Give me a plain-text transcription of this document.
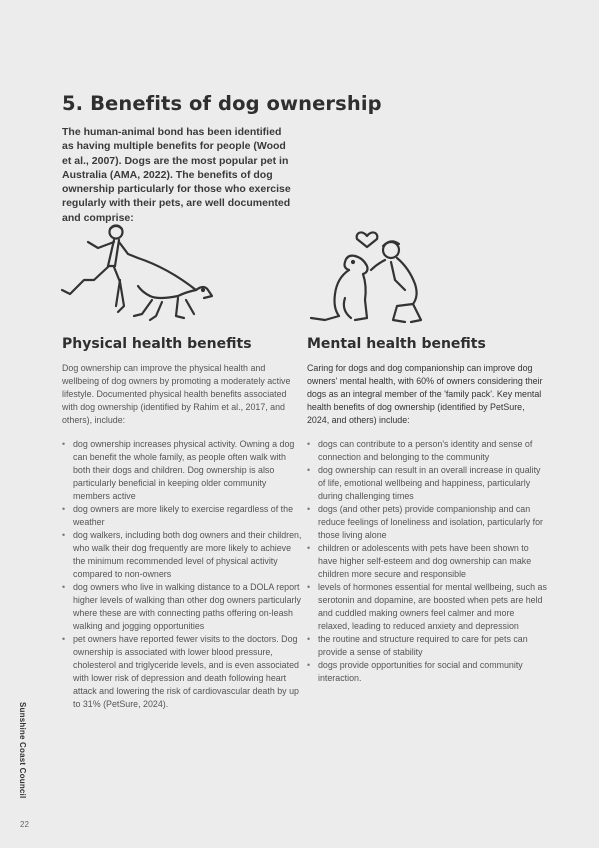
5. Benefits of dog ownership

The human-animal bond has been identified as having multiple benefits for people (Wood et al., 2007). Dogs are the most popular pet in Australia (AMA, 2022). The benefits of dog ownership particularly for those who exercise regularly with their pets, are well documented and comprise:

Physical health benefits

Dog ownership can improve the physical health and wellbeing of dog owners by promoting a moderately active lifestyle. Documented physical health benefits associated with dog ownership (identified by Rahim et al., 2017, and others), include:

• dog ownership increases physical activity. Owning a dog can benefit the whole family, as people often walk with both their dogs and children. Dog ownership is also particularly beneficial in keeping older community members active
• dog owners are more likely to exercise regardless of the weather
• dog walkers, including both dog owners and their children, who walk their dog frequently are more likely to achieve the minimum recommended level of physical activity compared to non-owners
• dog owners who live in walking distance to a DOLA report higher levels of walking than other dog owners particularly where these are with connecting paths offering on-leash walking and jogging opportunities
• pet owners have reported fewer visits to the doctors. Dog ownership is associated with lower blood pressure, cholesterol and triglyceride levels, and is even associated with lower risk of depression and death following heart attack and lowering the risk of cardiovascular death by up to 31% (PetSure, 2024).
Mental health benefits

Caring for dogs and dog companionship can improve dog owners' mental health, with 60% of owners considering their dogs as an integral member of the 'family pack'. Key mental health benefits of dog ownership (identified by PetSure, 2024, and others) include:

• dogs can contribute to a person's identity and sense of connection and belonging to the community
• dog ownership can result in an overall increase in quality of life, emotional wellbeing and happiness, particularly during challenging times
• dogs (and other pets) provide companionship and can reduce feelings of loneliness and isolation, particularly for those living alone
• children or adolescents with pets have been shown to have higher self-esteem and dog ownership can make children more secure and responsible
• levels of hormones essential for mental wellbeing, such as serotonin and dopamine, are boosted when pets are held and cuddled making owners feel calmer and more relaxed, leading to reduced anxiety and depression
• the routine and structure required to care for pets can provide a sense of stability
• dogs provide opportunities for social and community interaction.
Sunshine Coast Council
22
